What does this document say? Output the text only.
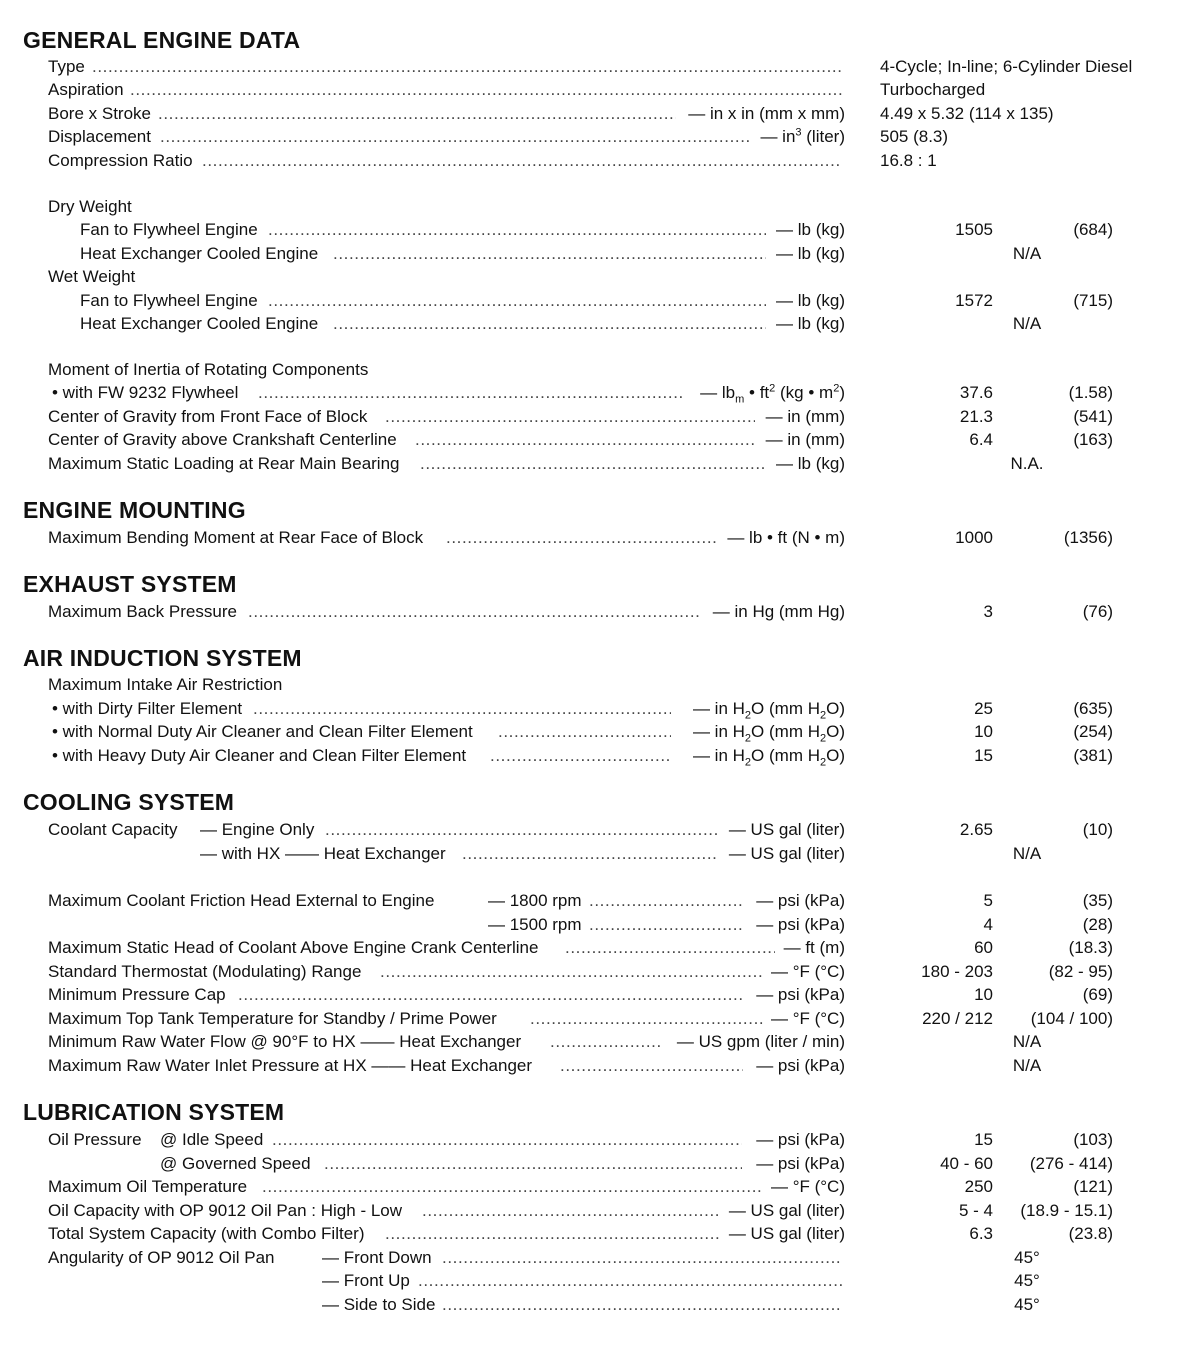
GENERAL ENGINE DATA
Type .....	4-Cycle; In-line; 6-Cylinder Diesel
Aspiration .....	Turbocharged
Bore x Stroke .....	— in x in (mm x mm) 4.49 x 5.32 (114 x 135)
Displacement .....	— $in^3$ (liter) 505 (8.3)
Compression Ratio .....	16.8 : 1
Dry Weight
Fan to Flywheel Engine .....	— lb (kg)	1505	(684)
Heat Exchanger Cooled Engine .....	— lb (kg)	N/A
Wet Weight
Fan to Flywheel Engine .....	— lb (kg)	1572	(715)
Heat Exchanger Cooled Engine .....	— lb (kg)	N/A
Moment of Inertia of Rotating Components
• with FW 9232 Flywheel .....	— $lb_m$ • $ft^2$ (kg • $m^2$)	37.6	(1.58)
Center of Gravity from Front Face of Block .....	— in (mm)	21.3	(541)
Center of Gravity above Crankshaft Centerline .....	— in (mm)	6.4	(163)
Maximum Static Loading at Rear Main Bearing .....	— lb (kg)	N.A.
ENGINE MOUNTING
Maximum Bending Moment at Rear Face of Block .....	— lb • ft (N • m)	1000	(1356)
EXHAUST SYSTEM
Maximum Back Pressure .....	— in Hg (mm Hg)	3	(76)
AIR INDUCTION SYSTEM
Maximum Intake Air Restriction
• with Dirty Filter Element .....	— in $H_2O$ (mm $H_2O$)	25	(635)
• with Normal Duty Air Cleaner and Clean Filter Element .....	— in $H_2O$ (mm $H_2O$)	10	(254)
• with Heavy Duty Air Cleaner and Clean Filter Element .....	— in $H_2O$ (mm $H_2O$)	15	(381)
COOLING SYSTEM
Coolant Capacity — Engine Only .....	— US gal (liter)	2.65	(10)
— with HX —— Heat Exchanger .....	— US gal (liter)	N/A
Maximum Coolant Friction Head External to Engine	— 1800 rpm .....	— psi (kPa)	5	(35)
— 1500 rpm .....	— psi (kPa)	4	(28)
Maximum Static Head of Coolant Above Engine Crank Centerline .....	— ft (m)	60	(18.3)
Standard Thermostat (Modulating) Range .....	— °F (°C)	180 - 203	(82 - 95)
Minimum Pressure Cap .....	— psi (kPa)	10	(69)
Maximum Top Tank Temperature for Standby / Prime Power .....	— °F (°C)	220 / 212 (104 / 100)
Minimum Raw Water Flow @ 90°F to HX —— Heat Exchanger .....	— US gpm (liter / min)	N/A
Maximum Raw Water Inlet Pressure at HX —— Heat Exchanger .....	— psi (kPa)	N/A
LUBRICATION SYSTEM
Oil Pressure @ Idle Speed .....	— psi (kPa)	15	(103)
@ Governed Speed .....	— psi (kPa)	40 - 60 (276 - 414)
Maximum Oil Temperature .....	— °F (°C)	250	(121)
Oil Capacity with OP 9012 Oil Pan : High - Low .....	— US gal (liter)	5 - 4 (18.9 - 15.1)
Total System Capacity (with Combo Filter) .....	— US gal (liter)	6.3	(23.8)
Angularity of OP 9012 Oil Pan	— Front Down .....	45°
— Front Up .....	45°
— Side to Side .....	45°
